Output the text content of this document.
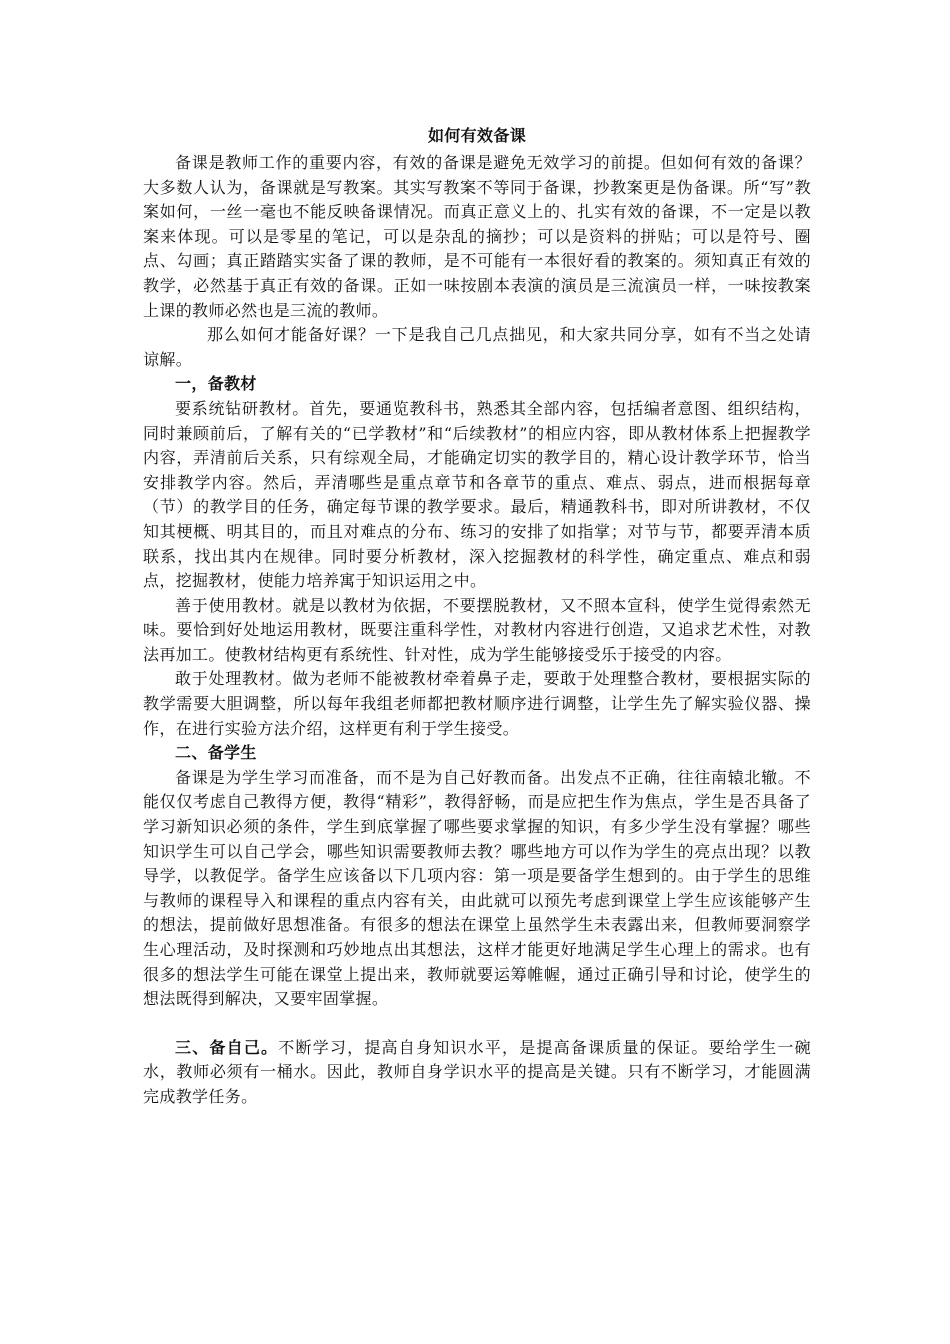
如何有效备课

备课是教师工作的重要内容，有效的备课是避免无效学习的前提。但如何有效的备课？大多数人认为，备课就是写教案。其实写教案不等同于备课，抄教案更是伪备课。所“写”教案如何，一丝一毫也不能反映备课情况。而真正意义上的、扎实有效的备课，不一定是以教案来体现。可以是零星的笔记，可以是杂乱的摘抄；可以是资料的拼贴；可以是符号、圈点、勾画；真正踏踏实实备了课的教师，是不可能有一本很好看的教案的。须知真正有效的教学，必然基于真正有效的备课。正如一味按剧本表演的演员是三流演员一样，一味按教案上课的教师必然也是三流的教师。

那么如何才能备好课？一下是我自己几点拙见，和大家共同分享，如有不当之处请谅解。

一，备教材

要系统钻研教材。首先，要通览教科书，熟悉其全部内容，包括编者意图、组织结构，同时兼顾前后，了解有关的“已学教材”和“后续教材”的相应内容，即从教材体系上把握教学内容，弄清前后关系，只有综观全局，才能确定切实的教学目的，精心设计教学环节，恰当安排教学内容。然后，弄清哪些是重点章节和各章节的重点、难点、弱点，进而根据每章（节）的教学目的任务，确定每节课的教学要求。最后，精通教科书，即对所讲教材，不仅知其梗概、明其目的，而且对难点的分布、练习的安排了如指掌；对节与节，都要弄清本质联系，找出其内在规律。同时要分析教材，深入挖掘教材的科学性，确定重点、难点和弱点，挖掘教材，使能力培养寓于知识运用之中。

善于使用教材。就是以教材为依据，不要摆脱教材，又不照本宣科，使学生觉得索然无味。要恰到好处地运用教材，既要注重科学性，对教材内容进行创造，又追求艺术性，对教法再加工。使教材结构更有系统性、针对性，成为学生能够接受乐于接受的内容。

敢于处理教材。做为老师不能被教材牵着鼻子走，要敢于处理整合教材，要根据实际的教学需要大胆调整，所以每年我组老师都把教材顺序进行调整，让学生先了解实验仪器、操作，在进行实验方法介绍，这样更有利于学生接受。

二、备学生

备课是为学生学习而准备，而不是为自己好教而备。出发点不正确，往往南辕北辙。不能仅仅考虑自己教得方便，教得“精彩”，教得舒畅，而是应把生作为焦点，学生是否具备了学习新知识必须的条件，学生到底掌握了哪些要求掌握的知识，有多少学生没有掌握？哪些知识学生可以自己学会，哪些知识需要教师去教？哪些地方可以作为学生的亮点出现？以教导学，以教促学。备学生应该备以下几项内容：第一项是要备学生想到的。由于学生的思维与教师的课程导入和课程的重点内容有关，由此就可以预先考虑到课堂上学生应该能够产生的想法，提前做好思想准备。有很多的想法在课堂上虽然学生未表露出来，但教师要洞察学生心理活动，及时探测和巧妙地点出其想法，这样才能更好地满足学生心理上的需求。也有很多的想法学生可能在课堂上提出来，教师就要运筹帷幄，通过正确引导和讨论，使学生的想法既得到解决，又要牢固掌握。

三、备自己。不断学习，提高自身知识水平，是提高备课质量的保证。要给学生一碗水，教师必须有一桶水。因此，教师自身学识水平的提高是关键。只有不断学习，才能圆满完成教学任务。
